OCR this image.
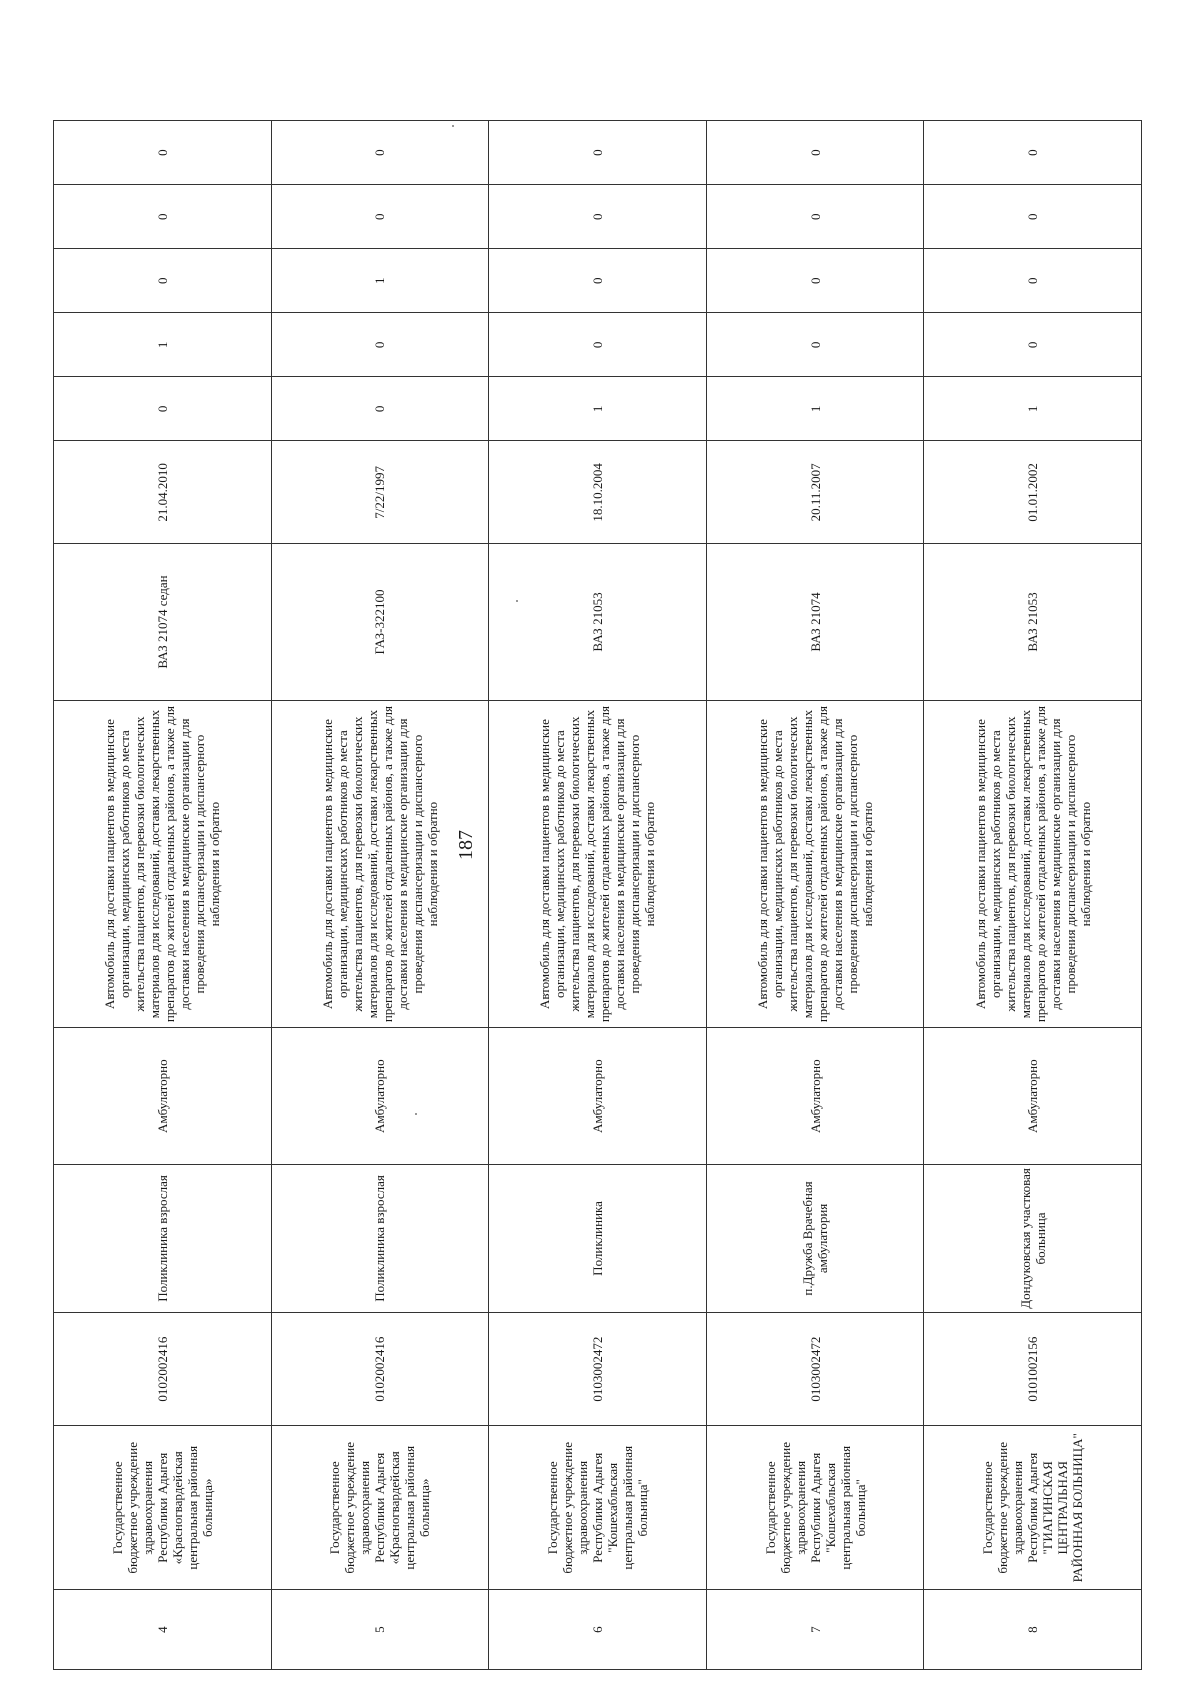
187
4	Государственное бюджетное учреждение здравоохранения Республики Адыгея «Красногвардейская центральная районная больница»	0102002416	Поликлиника взрослая	Амбулаторно	Автомобиль для доставки пациентов в медицинские организации, медицинских работников до места жительства пациентов, для перевозки биологических материалов для исследований, доставки лекарственных препаратов до жителей отдаленных районов, а также для доставки населения в медицинские организации для проведения диспансеризации и диспансерного наблюдения и обратно	ВАЗ 21074 седан	21.04.2010	0	1	0	0	0
5	Государственное бюджетное учреждение здравоохранения Республики Адыгея «Красногвардейская центральная районная больница»	0102002416	Поликлиника взрослая	Амбулаторно	Автомобиль для доставки пациентов в медицинские организации, медицинских работников до места жительства пациентов, для перевозки биологических материалов для исследований, доставки лекарственных препаратов до жителей отдаленных районов, а также для доставки населения в медицинские организации для проведения диспансеризации и диспансерного наблюдения и обратно	ГАЗ-322100	7/22/1997	0	0	1	0	0
6	Государственное бюджетное учреждение здравоохранения Республики Адыгея "Кошехабльская центральная районная больница"	0103002472	Поликлиника	Амбулаторно	Автомобиль для доставки пациентов в медицинские организации, медицинских работников до места жительства пациентов, для перевозки биологических материалов для исследований, доставки лекарственных препаратов до жителей отдаленных районов, а также для доставки населения в медицинские организации для проведения диспансеризации и диспансерного наблюдения и обратно	ВАЗ 21053	18.10.2004	1	0	0	0	0
7	Государственное бюджетное учреждение здравоохранения Республики Адыгея "Кошехабльская центральная районная больница"	0103002472	п.Дружба Врачебная амбулатория	Амбулаторно	Автомобиль для доставки пациентов в медицинские организации, медицинских работников до места жительства пациентов, для перевозки биологических материалов для исследований, доставки лекарственных препаратов до жителей отдаленных районов, а также для доставки населения в медицинские организации для проведения диспансеризации и диспансерного наблюдения и обратно	ВАЗ 21074	20.11.2007	1	0	0	0	0
8	Государственное бюджетное учреждение здравоохранения Республики Адыгея "ГИАГИНСКАЯ ЦЕНТРАЛЬНАЯ РАЙОННАЯ БОЛЬНИЦА"	0101002156	Дондуковская участковая больница	Амбулаторно	Автомобиль для доставки пациентов в медицинские организации, медицинских работников до места жительства пациентов, для перевозки биологических материалов для исследований, доставки лекарственных препаратов до жителей отдаленных районов, а также для доставки населения в медицинские организации для проведения диспансеризации и диспансерного наблюдения и обратно	ВАЗ 21053	01.01.2002	1	0	0	0	0
